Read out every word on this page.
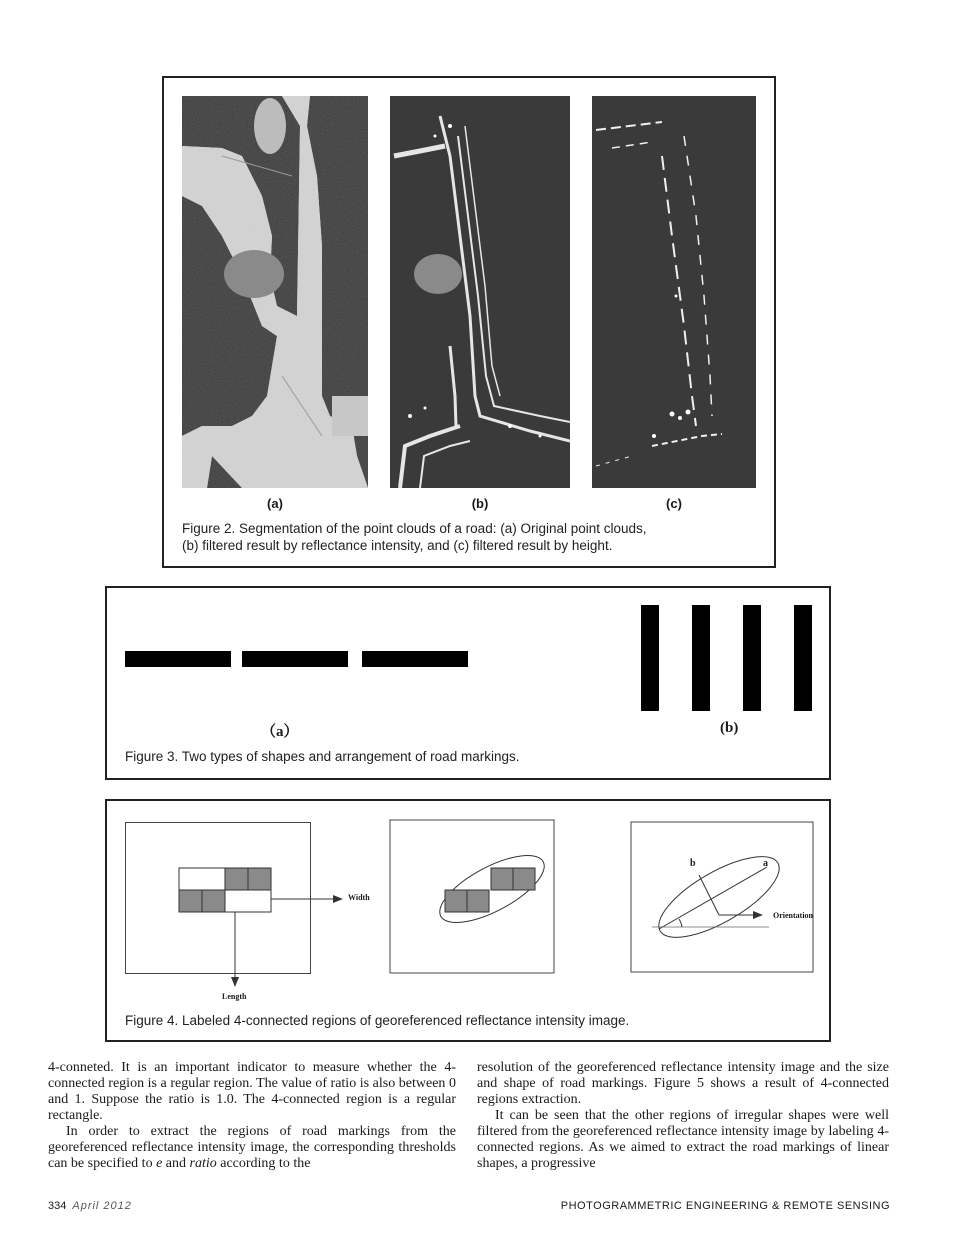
(a)	(b)	(c)
Figure 2. Segmentation of the point clouds of a road: (a) Original point clouds,
(b) filtered result by reflectance intensity, and (c) filtered result by height.
（a）	(b)
Figure 3. Two types of shapes and arrangement of road markings.
Width
Length
a
b
Orientation
Figure 4. Labeled 4-connected regions of georeferenced reflectance intensity image.

4-conneted. It is an important indicator to measure whether the 4-connected region is a regular region. The value of ratio is also between 0 and 1. Suppose the ratio is 1.0. The 4-connected region is a regular rectangle.

In order to extract the regions of road markings from the georeferenced reflectance intensity image, the corresponding thresholds can be specified to e and ratio according to the

resolution of the georeferenced reflectance intensity image and the size and shape of road markings. Figure 5 shows a result of 4-connected regions extraction.

It can be seen that the other regions of irregular shapes were well filtered from the georeferenced reflectance intensity image by labeling 4-connected regions. As we aimed to extract the road markings of linear shapes, a progressive

334 April 2012	PHOTOGRAMMETRIC ENGINEERING & REMOTE SENSING
